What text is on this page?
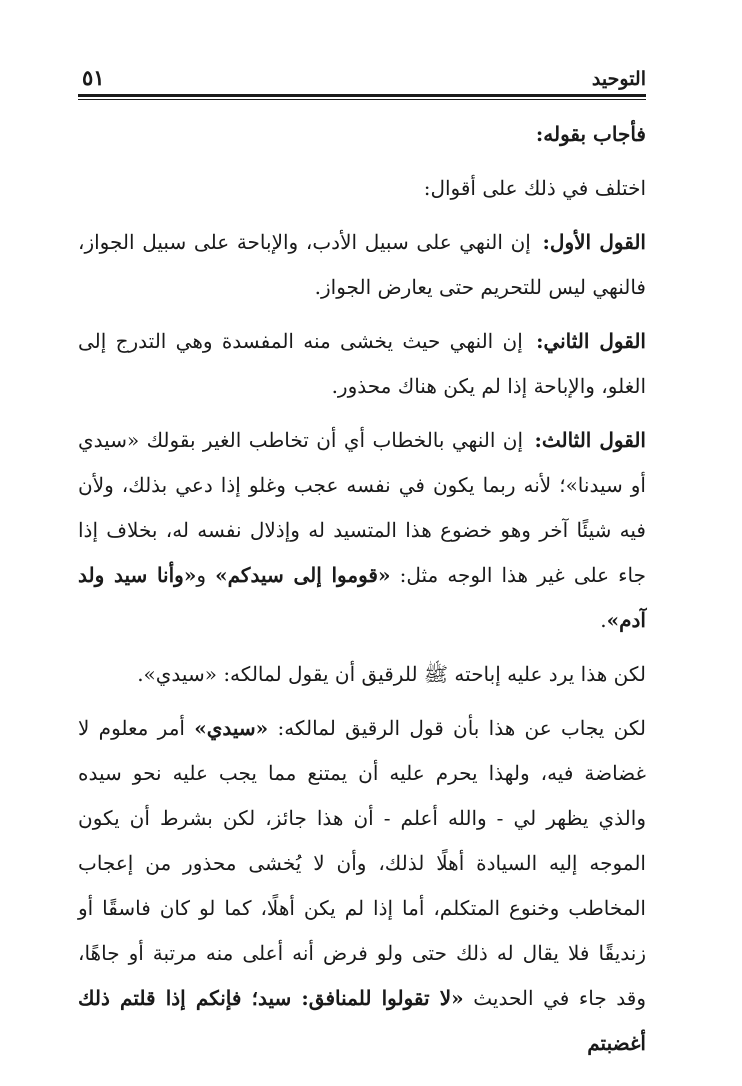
التوحيد
٥١

فأجاب بقوله:

اختلف في ذلك على أقوال:

القول الأول: إن النهي على سبيل الأدب، والإباحة على سبيل الجواز، فالنهي ليس للتحريم حتى يعارض الجواز.

القول الثاني: إن النهي حيث يخشى منه المفسدة وهي التدرج إلى الغلو، والإباحة إذا لم يكن هناك محذور.

القول الثالث: إن النهي بالخطاب أي أن تخاطب الغير بقولك «سيدي أو سيدنا»؛ لأنه ربما يكون في نفسه عجب وغلو إذا دعي بذلك، ولأن فيه شيئًا آخر وهو خضوع هذا المتسيد له وإذلال نفسه له، بخلاف إذا جاء على غير هذا الوجه مثل: «قوموا إلى سيدكم» و«وأنا سيد ولد آدم».

لكن هذا يرد عليه إباحته ﷺ للرقيق أن يقول لمالكه: «سيدي».

لكن يجاب عن هذا بأن قول الرقيق لمالكه: «سيدي» أمر معلوم لا غضاضة فيه، ولهذا يحرم عليه أن يمتنع مما يجب عليه نحو سيده والذي يظهر لي - والله أعلم - أن هذا جائز، لكن بشرط أن يكون الموجه إليه السيادة أهلًا لذلك، وأن لا يُخشى محذور من إعجاب المخاطب وخنوع المتكلم، أما إذا لم يكن أهلًا، كما لو كان فاسقًا أو زنديقًا فلا يقال له ذلك حتى ولو فرض أنه أعلى منه مرتبة أو جاهًا، وقد جاء في الحديث «لا تقولوا للمنافق: سيد؛ فإنكم إذا قلتم ذلك أغضبتم
